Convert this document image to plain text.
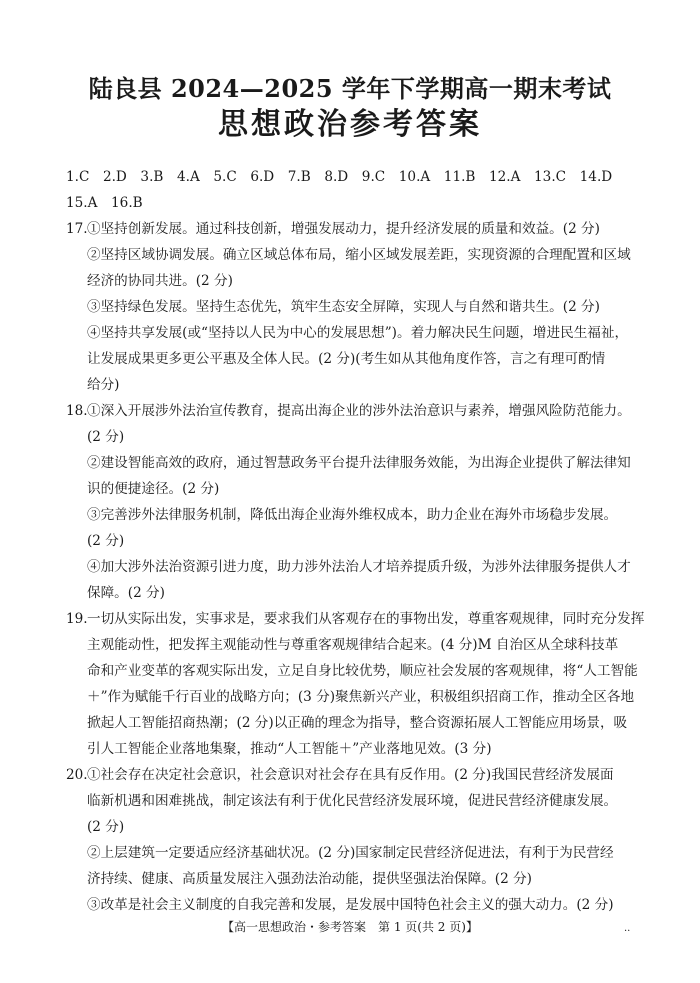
陆良县 2024—2025 学年下学期高一期末考试
思想政治参考答案
1.C　2.D　3.B　4.A　5.C　6.D　7.B　8.D　9.C　10.A　11.B　12.A　13.C　14.D
15.A　16.B
17. ①坚持创新发展。通过科技创新，增强发展动力，提升经济发展的质量和效益。(2 分)
②坚持区域协调发展。确立区域总体布局，缩小区域发展差距，实现资源的合理配置和区域
经济的协同共进。(2 分)
③坚持绿色发展。坚持生态优先，筑牢生态安全屏障，实现人与自然和谐共生。(2 分)
④坚持共享发展(或“坚持以人民为中心的发展思想”)。着力解决民生问题，增进民生福祉，
让发展成果更多更公平惠及全体人民。(2 分)(考生如从其他角度作答，言之有理可酌情
给分)
18. ①深入开展涉外法治宣传教育，提高出海企业的涉外法治意识与素养，增强风险防范能力。
(2 分)
②建设智能高效的政府，通过智慧政务平台提升法律服务效能，为出海企业提供了解法律知
识的便捷途径。(2 分)
③完善涉外法律服务机制，降低出海企业海外维权成本，助力企业在海外市场稳步发展。
(2 分)
④加大涉外法治资源引进力度，助力涉外法治人才培养提质升级，为涉外法律服务提供人才
保障。(2 分)
19. 一切从实际出发，实事求是，要求我们从客观存在的事物出发，尊重客观规律，同时充分发挥
主观能动性，把发挥主观能动性与尊重客观规律结合起来。(4 分)M 自治区从全球科技革
命和产业变革的客观实际出发，立足自身比较优势，顺应社会发展的客观规律，将“人工智能
＋”作为赋能千行百业的战略方向；(3 分)聚焦新兴产业，积极组织招商工作，推动全区各地
掀起人工智能招商热潮；(2 分)以正确的理念为指导，整合资源拓展人工智能应用场景，吸
引人工智能企业落地集聚，推动“人工智能＋”产业落地见效。(3 分)
20. ①社会存在决定社会意识，社会意识对社会存在具有反作用。(2 分)我国民营经济发展面
临新机遇和困难挑战，制定该法有利于优化民营经济发展环境，促进民营经济健康发展。
(2 分)
②上层建筑一定要适应经济基础状况。(2 分)国家制定民营经济促进法，有利于为民营经
济持续、健康、高质量发展注入强劲法治动能，提供坚强法治保障。(2 分)
③改革是社会主义制度的自我完善和发展，是发展中国特色社会主义的强大动力。(2 分)
【高一思想政治・参考答案　第 1 页(共 2 页)】	..
